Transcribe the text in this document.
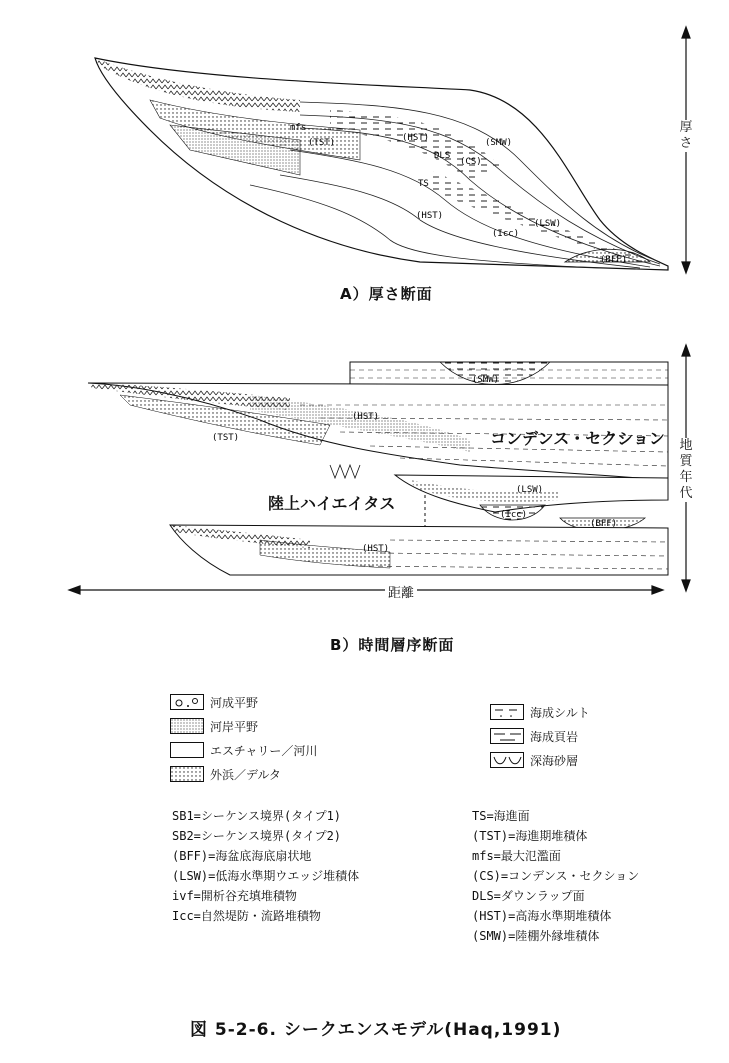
mfs
(TST)	(HST)	(SMW)
DLS
(CS)
TS
(HST)
(LSW)
(Icc)
(BFF)
(SMW)
(HST)
(TST)
(LSW)
(Icc)
(BFF)
(HST)
A）厚さ断面
厚さ
コンデンス・セクション
陸上ハイエイタス
地質年代
距離
B）時間層序断面
河成平野
河岸平野
エスチャリー／河川
外浜／デルタ
海成シルト
海成頁岩
深海砂層
SB1=シーケンス境界(タイプ1)
SB2=シーケンス境界(タイプ2)
(BFF)=海盆底海底扇状地
(LSW)=低海水準期ウエッジ堆積体
ivf=開析谷充填堆積物
Icc=自然堤防・流路堆積物
TS=海進面
(TST)=海進期堆積体
mfs=最大氾濫面
(CS)=コンデンス・セクション
DLS=ダウンラップ面
(HST)=高海水準期堆積体
(SMW)=陸棚外縁堆積体
図 5-2-6. シークエンスモデル(Haq,1991)
